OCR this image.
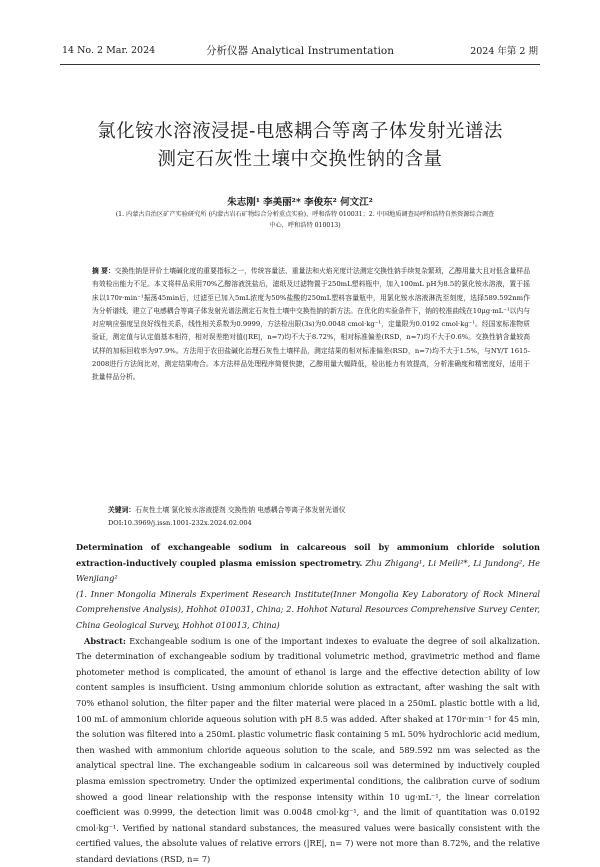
14 No. 2 Mar. 2024	分析仪器 Analytical Instrumentation	2024 年第 2 期
氯化铵水溶液浸提-电感耦合等离子体发射光谱法
测定石灰性土壤中交换性钠的含量
朱志刚¹ 李美丽²* 李俊东² 何文江²
(1. 内蒙古自治区矿产实验研究所 (内蒙古岩石矿物综合分析重点实验)，呼和浩特 010031；2. 中国地质调查局呼和浩特自然资源综合调查
中心，呼和浩特 010013)
摘 要：交换性钠是评价土壤碱化度的重要指标之一，传统容量法、重量法和火焰光度计法测定交换性钠手续复杂繁琐，乙醇用量大且对低含量样品有效检出能力不足。本文将样品采用70%乙醇溶液洗盐后，滤纸及过滤物置于250mL塑料瓶中，加入100mL pH为8.5的氯化铵水溶液，置于摇床以170r·min⁻¹振荡45min后，过滤至已加入5mL浓度为50%盐酸的250mL塑料容量瓶中，用氯化铵水溶液淋洗至刻度，选择589.592nm作为分析谱线，建立了电感耦合等离子体发射光谱法测定石灰性土壤中交换性钠的新方法。在优化的实验条件下，钠的校准曲线在10μg·mL⁻¹以内与对应响应强度呈良好线性关系，线性相关系数为0.9999，方法检出限(3s)为0.0048 cmol·kg⁻¹，定量限为0.0192 cmol·kg⁻¹。经国家标准物质验证，测定值与认定值基本相符，相对误差绝对值(|RE|，n=7)均不大于8.72%，相对标准偏差(RSD，n=7)均不大于0.6%。交换性钠含量较高试样的加标回收率为97.9%。方法用于农田盐碱化治理石灰性土壤样品，测定结果的相对标准偏差(RSD，n=7)均不大于1.5%，与NY/T 1615-2008进行方法间比对，测定结果吻合。本方法样品处理程序简便快捷，乙醇用量大幅降低，检出能力有效提高，分析准确度和精密度好，适用于批量样品分析。
关键词：石灰性土壤 氯化铵水溶液提剂 交换性钠 电感耦合等离子体发射光谱仪
DOI:10.3969/j.issn.1001-232x.2024.02.004

Determination of exchangeable sodium in calcareous soil by ammonium chloride solution extraction-inductively coupled plasma emission spectrometry. Zhu Zhigang¹, Li Meili²*, Li Jundong², He Wenjiang²

(1. Inner Mongolia Minerals Experiment Research Institute(Inner Mongolia Key Laboratory of Rock Mineral Comprehensive Analysis), Hohhot 010031, China; 2. Hohhot Natural Resources Comprehensive Survey Center, China Geological Survey, Hohhot 010013, China)

Abstract: Exchangeable sodium is one of the important indexes to evaluate the degree of soil alkalization. The determination of exchangeable sodium by traditional volumetric method, gravimetric method and flame photometer method is complicated, the amount of ethanol is large and the effective detection ability of low content samples is insufficient. Using ammonium chloride solution as extractant, after washing the salt with 70% ethanol solution, the filter paper and the filter material were placed in a 250mL plastic bottle with a lid, 100 mL of ammonium chloride aqueous solution with pH 8.5 was added. After shaked at 170r·min⁻¹ for 45 min, the solution was filtered into a 250mL plastic volumetric flask containing 5 mL 50% hydrochloric acid medium, then washed with ammonium chloride aqueous solution to the scale, and 589.592 nm was selected as the analytical spectral line. The exchangeable sodium in calcareous soil was determined by inductively coupled plasma emission spectrometry. Under the optimized experimental conditions, the calibration curve of sodium showed a good linear relationship with the response intensity within 10 ug·mL⁻¹, the linear correlation coefficient was 0.9999, the detection limit was 0.0048 cmol·kg⁻¹, and the limit of quantitation was 0.0192 cmol·kg⁻¹. Verified by national standard substances, the measured values were basically consistent with the certified values, the absolute values of relative errors (|RE|, n= 7) were not more than 8.72%, and the relative standard deviations (RSD, n= 7)
